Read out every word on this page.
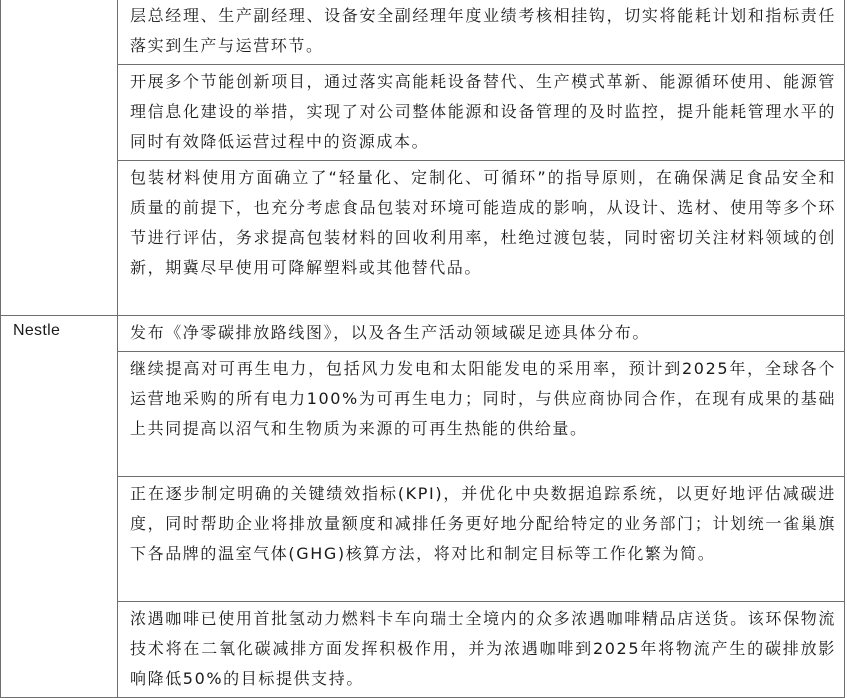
	层总经理、生产副经理、设备安全副经理年度业绩考核相挂钩，切实将能耗计划和指标责任落实到生产与运营环节。

	开展多个节能创新项目，通过落实高能耗设备替代、生产模式革新、能源循环使用、能源管理信息化建设的举措，实现了对公司整体能源和设备管理的及时监控，提升能耗管理水平的同时有效降低运营过程中的资源成本。

	包装材料使用方面确立了“轻量化、定制化、可循环”的指导原则，在确保满足食品安全和质量的前提下，也充分考虑食品包装对环境可能造成的影响，从设计、选材、使用等多个环节进行评估，务求提高包装材料的回收利用率，杜绝过渡包装，同时密切关注材料领域的创新，期冀尽早使用可降解塑料或其他替代品。

Nestle	发布《净零碳排放路线图》，以及各生产活动领域碳足迹具体分布。

	继续提高对可再生电力，包括风力发电和太阳能发电的采用率，预计到2025年，全球各个运营地采购的所有电力100%为可再生电力；同时，与供应商协同合作，在现有成果的基础上共同提高以沼气和生物质为来源的可再生热能的供给量。

	正在逐步制定明确的关键绩效指标(KPI)，并优化中央数据追踪系统，以更好地评估减碳进度，同时帮助企业将排放量额度和减排任务更好地分配给特定的业务部门；计划统一雀巢旗下各品牌的温室气体(GHG)核算方法，将对比和制定目标等工作化繁为简。

	浓遇咖啡已使用首批氢动力燃料卡车向瑞士全境内的众多浓遇咖啡精品店送货。该环保物流技术将在二氧化碳减排方面发挥积极作用，并为浓遇咖啡到2025年将物流产生的碳排放影响降低50%的目标提供支持。
